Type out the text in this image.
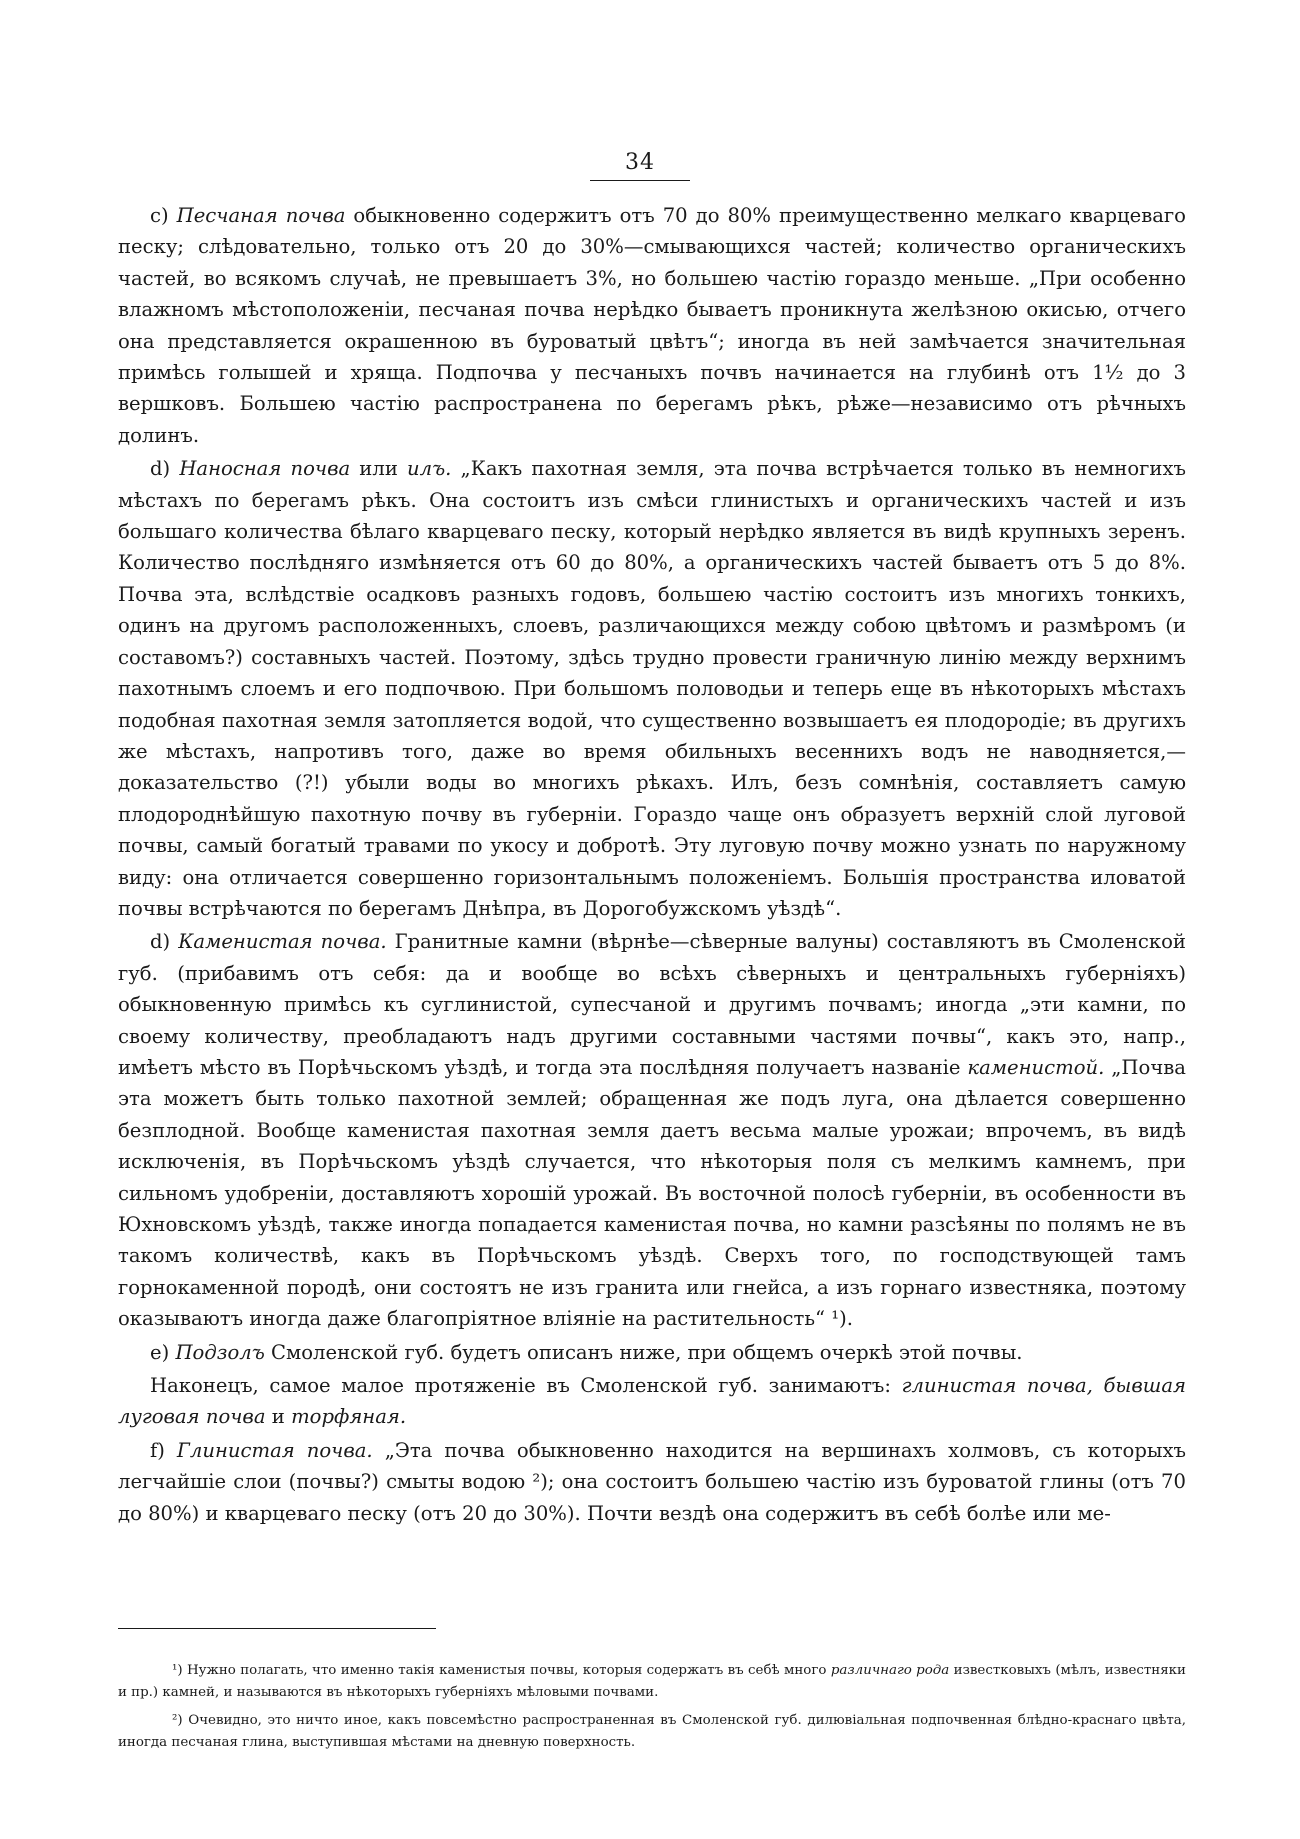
34

с) Песчаная почва обыкновенно содержитъ отъ 70 до 80% преимущественно мелкаго кварцеваго песку; слѣдовательно, только отъ 20 до 30%—смывающихся частей; количество органическихъ частей, во всякомъ случаѣ, не превышаетъ 3%, но большею частію гораздо меньше. „При особенно влажномъ мѣстоположеніи, песчаная почва нерѣдко бываетъ проникнута желѣзною окисью, отчего она представляется окрашенною въ буроватый цвѣтъ“; иногда въ ней замѣчается значительная примѣсь голышей и хряща. Подпочва у песчаныхъ почвъ начинается на глубинѣ отъ 1½ до 3 вершковъ. Большею частію распространена по берегамъ рѣкъ, рѣже—независимо отъ рѣчныхъ долинъ.

d) Наносная почва или илъ. „Какъ пахотная земля, эта почва встрѣчается только въ немногихъ мѣстахъ по берегамъ рѣкъ. Она состоитъ изъ смѣси глинистыхъ и органическихъ частей и изъ большаго количества бѣлаго кварцеваго песку, который нерѣдко является въ видѣ крупныхъ зеренъ. Количество послѣдняго измѣняется отъ 60 до 80%, а органическихъ частей бываетъ отъ 5 до 8%. Почва эта, вслѣдствіе осадковъ разныхъ годовъ, большею частію состоитъ изъ многихъ тонкихъ, одинъ на другомъ расположенныхъ, слоевъ, различающихся между собою цвѣтомъ и размѣромъ (и составомъ?) составныхъ частей. Поэтому, здѣсь трудно провести граничную линію между верхнимъ пахотнымъ слоемъ и его подпочвою. При большомъ половодьи и теперь еще въ нѣкоторыхъ мѣстахъ подобная пахотная земля затопляется водой, что существенно возвышаетъ ея плодородіе; въ другихъ же мѣстахъ, напротивъ того, даже во время обильныхъ весеннихъ водъ не наводняется,—доказательство (?!) убыли воды во многихъ рѣкахъ. Илъ, безъ сомнѣнія, составляетъ самую плодороднѣйшую пахотную почву въ губерніи. Гораздо чаще онъ образуетъ верхній слой луговой почвы, самый богатый травами по укосу и добротѣ. Эту луговую почву можно узнать по наружному виду: она отличается совершенно горизонтальнымъ положеніемъ. Большія пространства иловатой почвы встрѣчаются по берегамъ Днѣпра, въ Дорогобужскомъ уѣздѣ“.

d) Каменистая почва. Гранитные камни (вѣрнѣе—сѣверные валуны) составляютъ въ Смоленской губ. (прибавимъ отъ себя: да и вообще во всѣхъ сѣверныхъ и центральныхъ губерніяхъ) обыкновенную примѣсь къ суглинистой, супесчаной и другимъ почвамъ; иногда „эти камни, по своему количеству, преобладаютъ надъ другими составными частями почвы“, какъ это, напр., имѣетъ мѣсто въ Порѣчьскомъ уѣздѣ, и тогда эта послѣдняя получаетъ названіе каменистой. „Почва эта можетъ быть только пахотной землей; обращенная же подъ луга, она дѣлается совершенно безплодной. Вообще каменистая пахотная земля даетъ весьма малые урожаи; впрочемъ, въ видѣ исключенія, въ Порѣчьскомъ уѣздѣ случается, что нѣкоторыя поля съ мелкимъ камнемъ, при сильномъ удобреніи, доставляютъ хорошій урожай. Въ восточной полосѣ губерніи, въ особенности въ Юхновскомъ уѣздѣ, также иногда попадается каменистая почва, но камни разсѣяны по полямъ не въ такомъ количествѣ, какъ въ Порѣчьскомъ уѣздѣ. Сверхъ того, по господствующей тамъ горнокаменной породѣ, они состоятъ не изъ гранита или гнейса, а изъ горнаго известняка, поэтому оказываютъ иногда даже благопріятное вліяніе на растительность“ ¹).

е) Подзолъ Смоленской губ. будетъ описанъ ниже, при общемъ очеркѣ этой почвы.

Наконецъ, самое малое протяженіе въ Смоленской губ. занимаютъ: глинистая почва, бывшая луговая почва и торфяная.

f) Глинистая почва. „Эта почва обыкновенно находится на вершинахъ холмовъ, съ которыхъ легчайшіе слои (почвы?) смыты водою ²); она состоитъ большею частію изъ буроватой глины (отъ 70 до 80%) и кварцеваго песку (отъ 20 до 30%). Почти вездѣ она содержитъ въ себѣ болѣе или ме-

¹) Нужно полагать, что именно такія каменистыя почвы, которыя содержатъ въ себѣ много различнаго рода известковыхъ (мѣлъ, известняки и пр.) камней, и называются въ нѣкоторыхъ губерніяхъ мѣловыми почвами.

²) Очевидно, это ничто иное, какъ повсемѣстно распространенная въ Смоленской губ. дилювіальная подпочвенная блѣдно-краснаго цвѣта, иногда песчаная глина, выступившая мѣстами на дневную поверхность.
